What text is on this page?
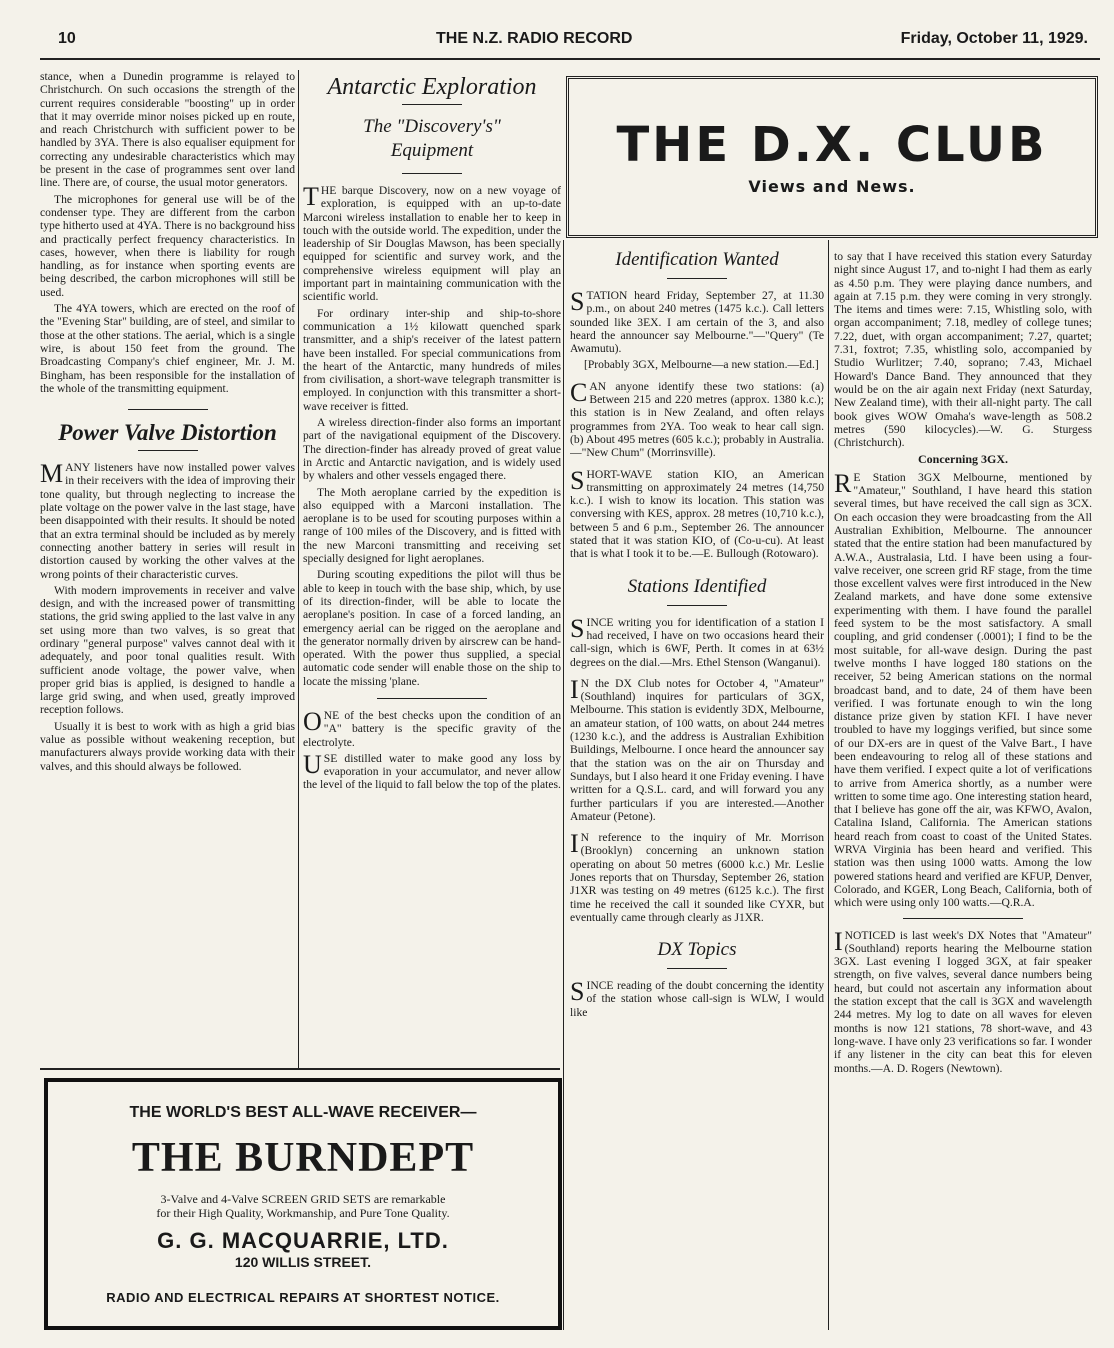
10	THE N.Z. RADIO RECORD	Friday, October 11, 1929.

stance, when a Dunedin programme is relayed to Christchurch. On such occasions the strength of the current requires considerable "boosting" up in order that it may override minor noises picked up en route, and reach Christchurch with sufficient power to be handled by 3YA. There is also equaliser equipment for correcting any undesirable characteristics which may be present in the case of programmes sent over land line. There are, of course, the usual motor generators.

The microphones for general use will be of the condenser type. They are different from the carbon type hitherto used at 4YA. There is no background hiss and practically perfect frequency characteristics. In cases, however, when there is liability for rough handling, as for instance when sporting events are being described, the carbon microphones will still be used.

The 4YA towers, which are erected on the roof of the "Evening Star" building, are of steel, and similar to those at the other stations. The aerial, which is a single wire, is about 150 feet from the ground. The Broadcasting Company's chief engineer, Mr. J. M. Bingham, has been responsible for the installation of the whole of the transmitting equipment.

Power Valve Distortion

MANY listeners have now installed power valves in their receivers with the idea of improving their tone quality, but through neglecting to increase the plate voltage on the power valve in the last stage, have been disappointed with their results. It should be noted that an extra terminal should be included as by merely connecting another battery in series will result in distortion caused by working the other valves at the wrong points of their characteristic curves.

With modern improvements in receiver and valve design, and with the increased power of transmitting stations, the grid swing applied to the last valve in any set using more than two valves, is so great that ordinary "general purpose" valves cannot deal with it adequately, and poor tonal qualities result. With sufficient anode voltage, the power valve, when proper grid bias is applied, is designed to handle a large grid swing, and when used, greatly improved reception follows.

Usually it is best to work with as high a grid bias value as possible without weakening reception, but manufacturers always provide working data with their valves, and this should always be followed.

Antarctic Exploration
The "Discovery's" Equipment

THE barque Discovery, now on a new voyage of exploration, is equipped with an up-to-date Marconi wireless installation to enable her to keep in touch with the outside world. The expedition, under the leadership of Sir Douglas Mawson, has been specially equipped for scientific and survey work, and the comprehensive wireless equipment will play an important part in maintaining communication with the scientific world.

For ordinary inter-ship and ship-to-shore communication a 1½ kilowatt quenched spark transmitter, and a ship's receiver of the latest pattern have been installed. For special communications from the heart of the Antarctic, many hundreds of miles from civilisation, a short-wave telegraph transmitter is employed. In conjunction with this transmitter a short-wave receiver is fitted.

A wireless direction-finder also forms an important part of the navigational equipment of the Discovery. The direction-finder has already proved of great value in Arctic and Antarctic navigation, and is widely used by whalers and other vessels engaged there.

The Moth aeroplane carried by the expedition is also equipped with a Marconi installation. The aeroplane is to be used for scouting purposes within a range of 100 miles of the Discovery, and is fitted with the new Marconi transmitting and receiving set specially designed for light aeroplanes.

During scouting expeditions the pilot will thus be able to keep in touch with the base ship, which, by use of its direction-finder, will be able to locate the aeroplane's position. In case of a forced landing, an emergency aerial can be rigged on the aeroplane and the generator normally driven by airscrew can be hand-operated. With the power thus supplied, a special automatic code sender will enable those on the ship to locate the missing 'plane.

ONE of the best checks upon the condition of an "A" battery is the specific gravity of the electrolyte.

USE distilled water to make good any loss by evaporation in your accumulator, and never allow the level of the liquid to fall below the top of the plates.

THE D.X. CLUB
Views and News.
Identification Wanted

STATION heard Friday, September 27, at 11.30 p.m., on about 240 metres (1475 k.c.). Call letters sounded like 3EX. I am certain of the 3, and also heard the announcer say Melbourne."—"Query" (Te Awamutu).

[Probably 3GX, Melbourne—a new station.—Ed.]

CAN anyone identify these two stations: (a) Between 215 and 220 metres (approx. 1380 k.c.); this station is in New Zealand, and often relays programmes from 2YA. Too weak to hear call sign. (b) About 495 metres (605 k.c.); probably in Australia.—"New Chum" (Morrinsville).

SHORT-WAVE station KIO, an American transmitting on approximately 24 metres (14,750 k.c.). I wish to know its location. This station was conversing with KES, approx. 28 metres (10,710 k.c.), between 5 and 6 p.m., September 26. The announcer stated that it was station KIO, of (Co-u-cu). At least that is what I took it to be.—E. Bullough (Rotowaro).

Stations Identified

SINCE writing you for identification of a station I had received, I have on two occasions heard their call-sign, which is 6WF, Perth. It comes in at 63½ degrees on the dial.—Mrs. Ethel Stenson (Wanganui).

I N the DX Club notes for October 4, "Amateur" (Southland) inquires for particulars of 3GX, Melbourne. This station is evidently 3DX, Melbourne, an amateur station, of 100 watts, on about 244 metres (1230 k.c.), and the address is Australian Exhibition Buildings, Melbourne. I once heard the announcer say that the station was on the air on Thursday and Sundays, but I also heard it one Friday evening. I have written for a Q.S.L. card, and will forward you any further particulars if you are interested.—Another Amateur (Petone).

I N reference to the inquiry of Mr. Morrison (Brooklyn) concerning an unknown station operating on about 50 metres (6000 k.c.) Mr. Leslie Jones reports that on Thursday, September 26, station J1XR was testing on 49 metres (6125 k.c.). The first time he received the call it sounded like CYXR, but eventually came through clearly as J1XR.

DX Topics

SINCE reading of the doubt concerning the identity of the station whose call-sign is WLW, I would like

to say that I have received this station every Saturday night since August 17, and to-night I had them as early as 4.50 p.m. They were playing dance numbers, and again at 7.15 p.m. they were coming in very strongly. The items and times were: 7.15, Whistling solo, with organ accompaniment; 7.18, medley of college tunes; 7.22, duet, with organ accompaniment; 7.27, quartet; 7.31, foxtrot; 7.35, whistling solo, accompanied by Studio Wurlitzer; 7.40, soprano; 7.43, Michael Howard's Dance Band. They announced that they would be on the air again next Friday (next Saturday, New Zealand time), with their all-night party. The call book gives WOW Omaha's wave-length as 508.2 metres (590 kilocycles).—W. G. Sturgess (Christchurch).

Concerning 3GX.

R E Station 3GX Melbourne, mentioned by "Amateur," Southland, I have heard this station several times, but have received the call sign as 3CX. On each occasion they were broadcasting from the All Australian Exhibition, Melbourne. The announcer stated that the entire station had been manufactured by A.W.A., Australasia, Ltd. I have been using a four-valve receiver, one screen grid RF stage, from the time those excellent valves were first introduced in the New Zealand markets, and have done some extensive experimenting with them. I have found the parallel feed system to be the most satisfactory. A small coupling, and grid condenser (.0001); I find to be the most suitable, for all-wave design. During the past twelve months I have logged 180 stations on the receiver, 52 being American stations on the normal broadcast band, and to date, 24 of them have been verified. I was fortunate enough to win the long distance prize given by station KFI. I have never troubled to have my loggings verified, but since some of our DX-ers are in quest of the Valve Bart., I have been endeavouring to relog all of these stations and have them verified. I expect quite a lot of verifications to arrive from America shortly, as a number were written to some time ago. One interesting station heard, that I believe has gone off the air, was KFWO, Avalon, Catalina Island, California. The American stations heard reach from coast to coast of the United States. WRVA Virginia has been heard and verified. This station was then using 1000 watts. Among the low powered stations heard and verified are KFUP, Denver, Colorado, and KGER, Long Beach, California, both of which were using only 100 watts.—Q.R.A.

INOTICED is last week's DX Notes that "Amateur" (Southland) reports hearing the Melbourne station 3GX. Last evening I logged 3GX, at fair speaker strength, on five valves, several dance numbers being heard, but could not ascertain any information about the station except that the call is 3GX and wavelength 244 metres. My log to date on all waves for eleven months is now 121 stations, 78 short-wave, and 43 long-wave. I have only 23 verifications so far. I wonder if any listener in the city can beat this for eleven months.—A. D. Rogers (Newtown).

THE WORLD'S BEST ALL-WAVE RECEIVER—
THE BURNDEPT
3-Valve and 4-Valve SCREEN GRID SETS are remarkable
for their High Quality, Workmanship, and Pure Tone Quality.
G. G. MACQUARRIE, LTD.
120 WILLIS STREET.
RADIO AND ELECTRICAL REPAIRS AT SHORTEST NOTICE.
